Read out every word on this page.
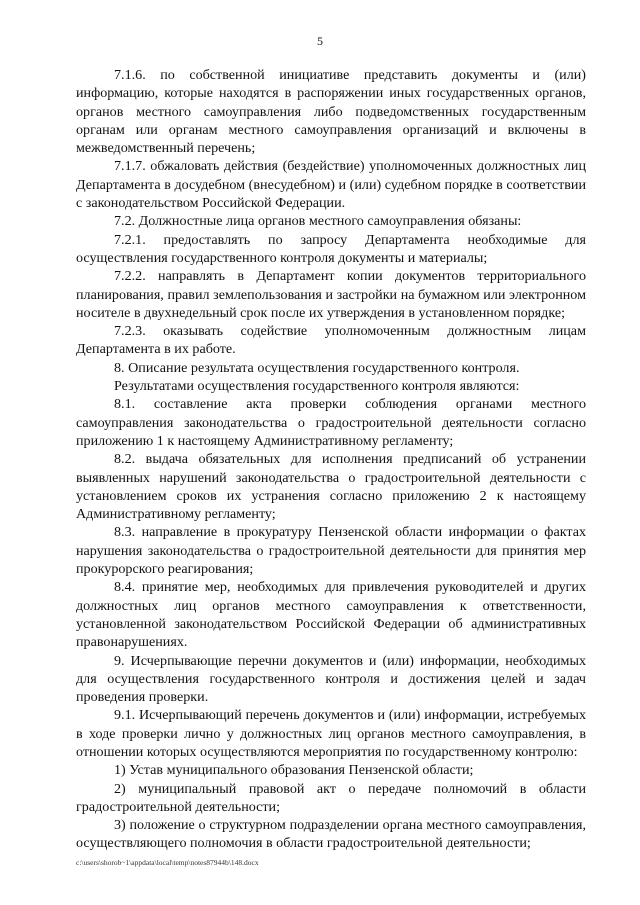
5

7.1.6. по собственной инициативе представить документы и (или) информацию, которые находятся в распоряжении иных государственных органов, органов местного самоуправления либо подведомственных государственным органам или органам местного самоуправления организаций и включены в межведомственный перечень;

7.1.7. обжаловать действия (бездействие) уполномоченных должностных лиц Департамента в досудебном (внесудебном) и (или) судебном порядке в соответствии с законодательством Российской Федерации.

7.2. Должностные лица органов местного самоуправления обязаны:

7.2.1. предоставлять по запросу Департамента необходимые для осуществления государственного контроля документы и материалы;

7.2.2. направлять в Департамент копии документов территориального планирования, правил землепользования и застройки на бумажном или электронном носителе в двухнедельный срок после их утверждения в установленном порядке;

7.2.3. оказывать содействие уполномоченным должностным лицам Департамента в их работе.

8. Описание результата осуществления государственного контроля.

Результатами осуществления государственного контроля являются:

8.1. составление акта проверки соблюдения органами местного самоуправления законодательства о градостроительной деятельности согласно приложению 1 к настоящему Административному регламенту;

8.2. выдача обязательных для исполнения предписаний об устранении выявленных нарушений законодательства о градостроительной деятельности с установлением сроков их устранения согласно приложению 2 к настоящему Административному регламенту;

8.3. направление в прокуратуру Пензенской области информации о фактах нарушения законодательства о градостроительной деятельности для принятия мер прокурорского реагирования;

8.4. принятие мер, необходимых для привлечения руководителей и других должностных лиц органов местного самоуправления к ответственности, установленной законодательством Российской Федерации об административных правонарушениях.

9. Исчерпывающие перечни документов и (или) информации, необходимых для осуществления государственного контроля и достижения целей и задач проведения проверки.

9.1. Исчерпывающий перечень документов и (или) информации, истребуемых в ходе проверки лично у должностных лиц органов местного самоуправления, в отношении которых осуществляются мероприятия по государственному контролю:

1) Устав муниципального образования Пензенской области;

2) муниципальный правовой акт о передаче полномочий в области градостроительной деятельности;

3) положение о структурном подразделении органа местного самоуправления, осуществляющего полномочия в области градостроительной деятельности;

c:\users\shorob~1\appdata\local\temp\notes87944b\148.docx
